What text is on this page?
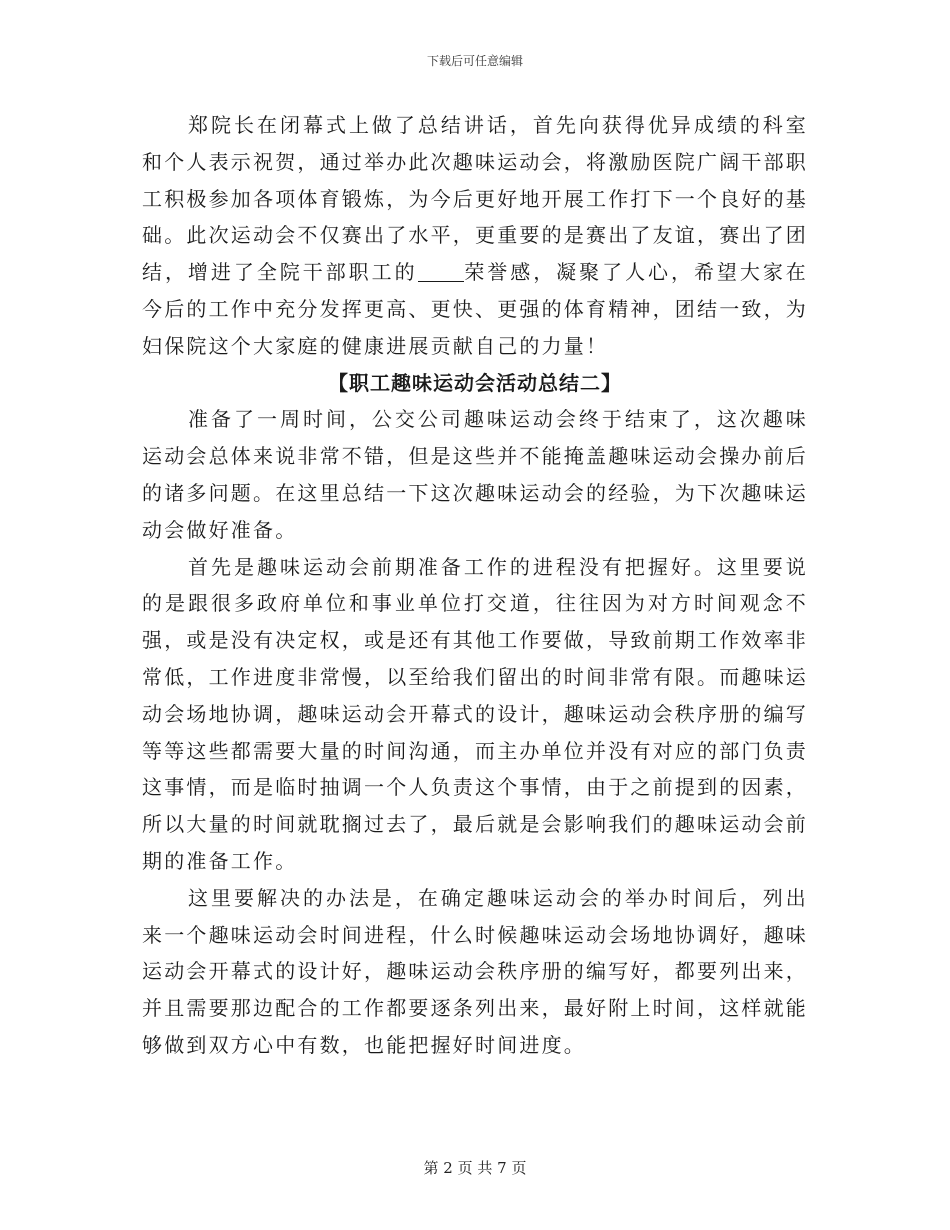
下载后可任意编辑

郑院长在闭幕式上做了总结讲话，首先向获得优异成绩的科室和个人表示祝贺，通过举办此次趣味运动会，将激励医院广阔干部职工积极参加各项体育锻炼，为今后更好地开展工作打下一个良好的基础。此次运动会不仅赛出了水平，更重要的是赛出了友谊，赛出了团结，增进了全院干部职工的 荣誉感，凝聚了人心，希望大家在今后的工作中充分发挥更高、更快、更强的体育精神，团结一致，为妇保院这个大家庭的健康进展贡献自己的力量！

【职工趣味运动会活动总结二】

准备了一周时间，公交公司趣味运动会终于结束了，这次趣味运动会总体来说非常不错，但是这些并不能掩盖趣味运动会操办前后的诸多问题。在这里总结一下这次趣味运动会的经验，为下次趣味运动会做好准备。

首先是趣味运动会前期准备工作的进程没有把握好。这里要说的是跟很多政府单位和事业单位打交道，往往因为对方时间观念不强，或是没有决定权，或是还有其他工作要做，导致前期工作效率非常低，工作进度非常慢，以至给我们留出的时间非常有限。而趣味运动会场地协调，趣味运动会开幕式的设计，趣味运动会秩序册的编写等等这些都需要大量的时间沟通，而主办单位并没有对应的部门负责这事情，而是临时抽调一个人负责这个事情，由于之前提到的因素，所以大量的时间就耽搁过去了，最后就是会影响我们的趣味运动会前期的准备工作。

这里要解决的办法是，在确定趣味运动会的举办时间后，列出来一个趣味运动会时间进程，什么时候趣味运动会场地协调好，趣味运动会开幕式的设计好，趣味运动会秩序册的编写好，都要列出来，并且需要那边配合的工作都要逐条列出来，最好附上时间，这样就能够做到双方心中有数，也能把握好时间进度。

第 2 页 共 7 页
